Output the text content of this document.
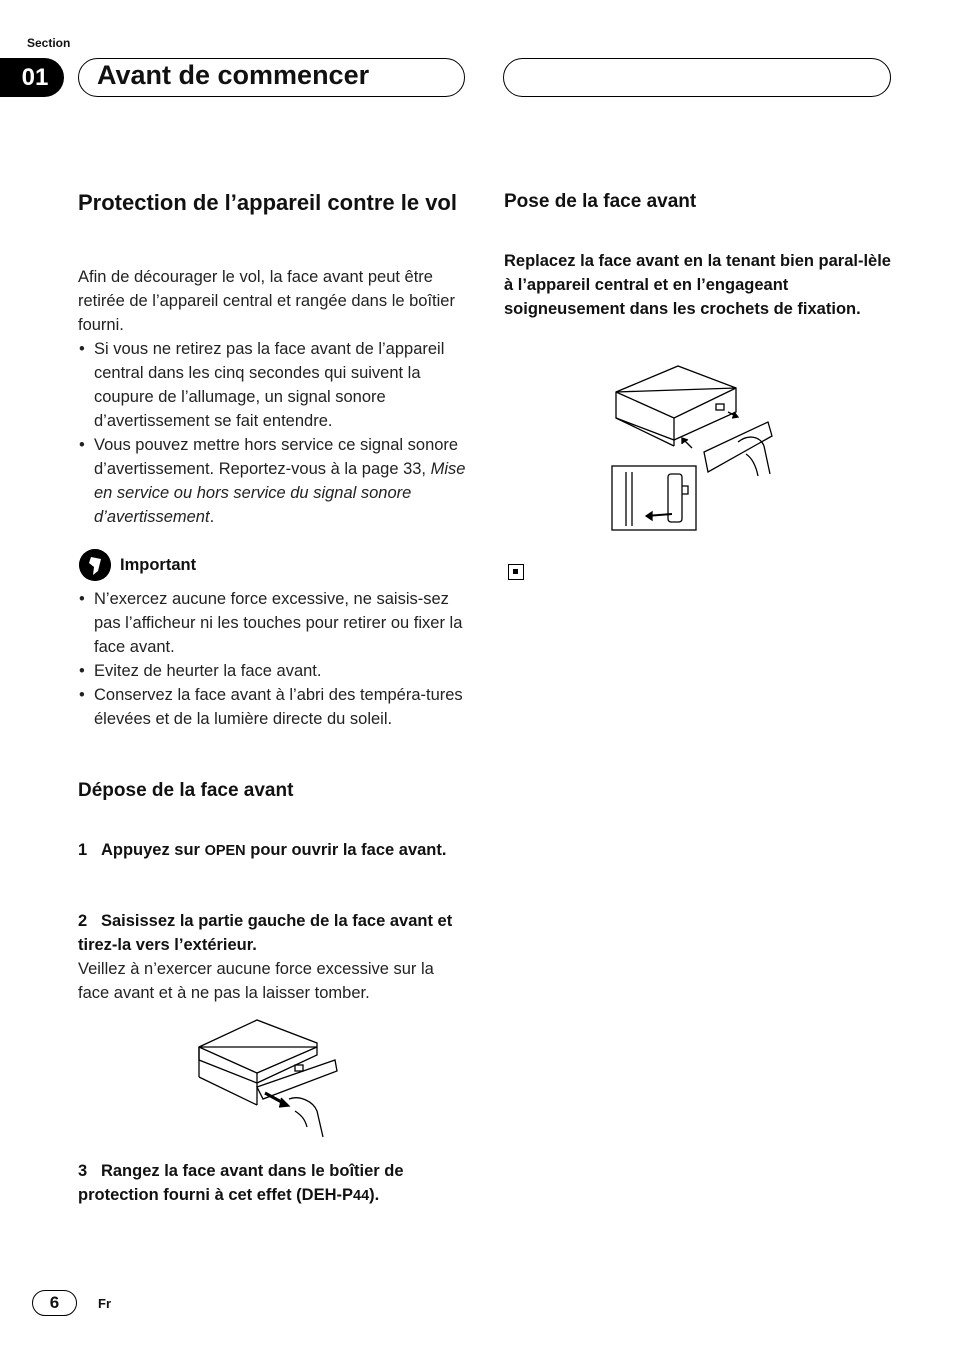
Section
01	Avant de commencer
Protection de l’appareil contre le vol
Afin de décourager le vol, la face avant peut être retirée de l’appareil central et rangée dans le boîtier fourni.
• Si vous ne retirez pas la face avant de l’appareil central dans les cinq secondes qui suivent la coupure de l’allumage, un signal sonore d’avertissement se fait entendre.
• Vous pouvez mettre hors service ce signal sonore d’avertissement. Reportez-vous à la page 33, Mise en service ou hors service du signal sonore d’avertissement.
Important
• N’exercez aucune force excessive, ne saisis-sez pas l’afficheur ni les touches pour retirer ou fixer la face avant.
• Evitez de heurter la face avant.
• Conservez la face avant à l’abri des tempéra-tures élevées et de la lumière directe du soleil.
Dépose de la face avant
1 Appuyez sur OPEN pour ouvrir la face avant.
2 Saisissez la partie gauche de la face avant et tirez-la vers l’extérieur.
Veillez à n’exercer aucune force excessive sur la face avant et à ne pas la laisser tomber.
3 Rangez la face avant dans le boîtier de protection fourni à cet effet (DEH-P44).
Pose de la face avant
Replacez la face avant en la tenant bien paral-lèle à l’appareil central et en l’engageant soigneusement dans les crochets de fixation.
6	Fr
